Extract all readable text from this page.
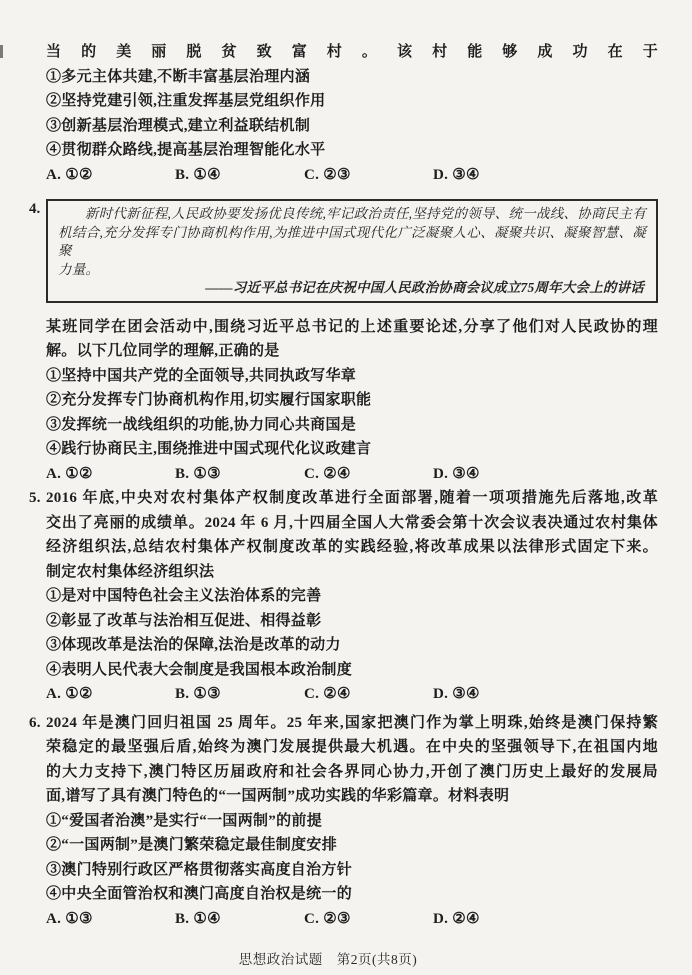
当的美丽脱贫致富村。该村能够成功在于
①多元主体共建,不断丰富基层治理内涵
②坚持党建引领,注重发挥基层党组织作用
③创新基层治理模式,建立利益联结机制
④贯彻群众路线,提高基层治理智能化水平
A. ①②	B. ①④	C. ②③	D. ③④
4.	新时代新征程,人民政协要发扬优良传统,牢记政治责任,坚持党的领导、统一战线、协商民主有
机结合,充分发挥专门协商机构作用,为推进中国式现代化广泛凝聚人心、凝聚共识、凝聚智慧、凝聚
力量。
——习近平总书记在庆祝中国人民政治协商会议成立75周年大会上的讲话
某班同学在团会活动中,围绕习近平总书记的上述重要论述,分享了他们对人民政协的理
解。以下几位同学的理解,正确的是
①坚持中国共产党的全面领导,共同执政写华章
②充分发挥专门协商机构作用,切实履行国家职能
③发挥统一战线组织的功能,协力同心共商国是
④践行协商民主,围绕推进中国式现代化议政建言
A. ①②	B. ①③	C. ②④	D. ③④
5. 2016 年底,中央对农村集体产权制度改革进行全面部署,随着一项项措施先后落地,改革
交出了亮丽的成绩单。2024 年 6 月,十四届全国人大常委会第十次会议表决通过农村集体
经济组织法,总结农村集体产权制度改革的实践经验,将改革成果以法律形式固定下来。
制定农村集体经济组织法
①是对中国特色社会主义法治体系的完善
②彰显了改革与法治相互促进、相得益彰
③体现改革是法治的保障,法治是改革的动力
④表明人民代表大会制度是我国根本政治制度
A. ①②	B. ①③	C. ②④	D. ③④
6. 2024 年是澳门回归祖国 25 周年。25 年来,国家把澳门作为掌上明珠,始终是澳门保持繁
荣稳定的最坚强后盾,始终为澳门发展提供最大机遇。在中央的坚强领导下,在祖国内地
的大力支持下,澳门特区历届政府和社会各界同心协力,开创了澳门历史上最好的发展局
面,谱写了具有澳门特色的“一国两制”成功实践的华彩篇章。材料表明
①“爱国者治澳”是实行“一国两制”的前提
②“一国两制”是澳门繁荣稳定最佳制度安排
③澳门特别行政区严格贯彻落实高度自治方针
④中央全面管治权和澳门高度自治权是统一的
A. ①③	B. ①④	C. ②③	D. ②④
思想政治试题　第2页(共8页)
